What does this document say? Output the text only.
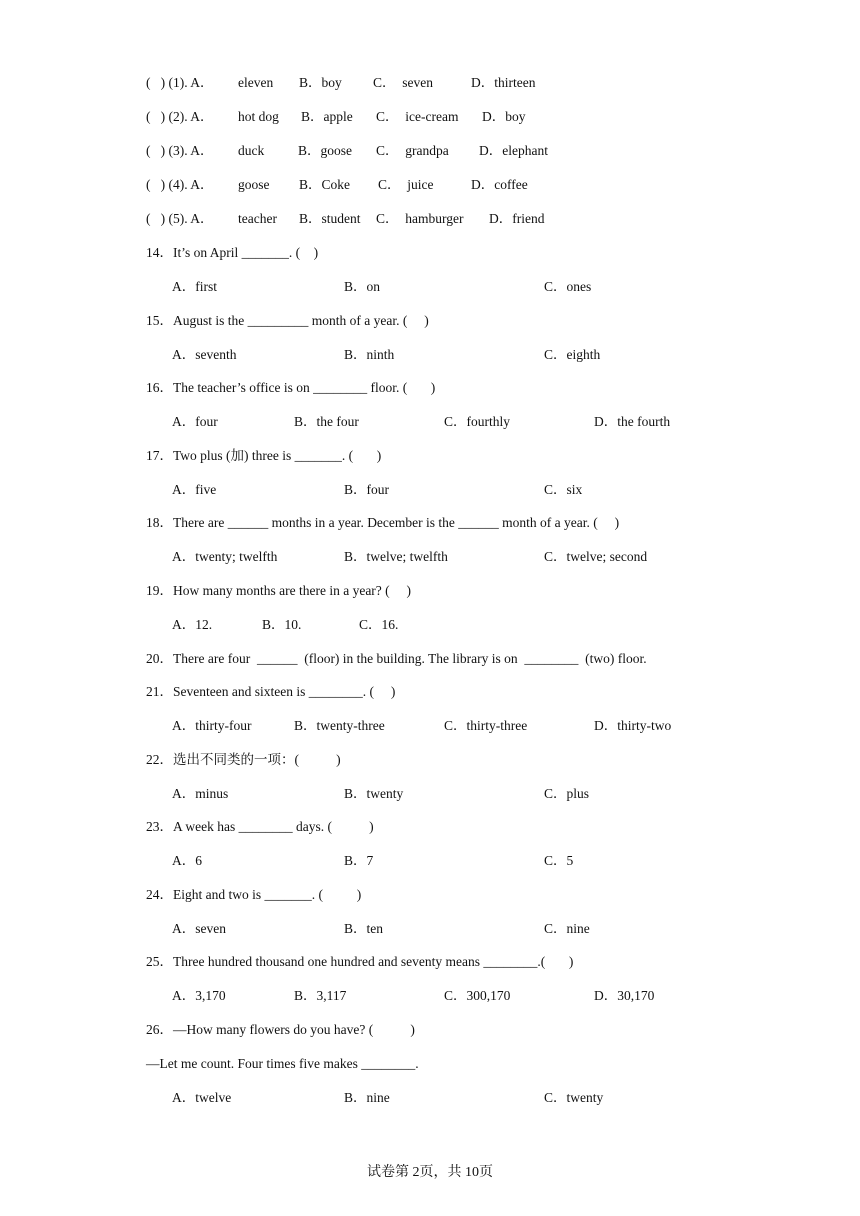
(   ) (1). A． eleven B．boy C．  seven	D．thirteen
(   ) (2). A． hot dog B．apple C．  ice-cream D．boy
(   ) (3). A． duck	B．goose C．  grandpa D．elephant
(   ) (4). A． goose B．Coke C．  juice	D．coffee
(   ) (5). A． teacher B．student C．  hamburger D．friend
14．It’s on April _______. (    )
A．first	B．on	C．ones
15．August is the _________ month of a year. (     )
A．seventh	B．ninth	C．eighth
16．The teacher’s office is on ________ floor. (       )
A．four	B．the four	C．fourthly	D．the fourth
17．Two plus (加) three is _______. (       )
A．five	B．four	C．six
18．There are ______ months in a year. December is the ______ month of a year. (     )
A．twenty; twelfth	B．twelve; twelfth	C．twelve; second
19．How many months are there in a year? (     )
A．12.	B．10.	C．16.
20．There are four  ______  (floor) in the building. The library is on  ________  (two) floor.
21．Seventeen and sixteen is ________. (     )
A．thirty-four	B．twenty-three	C．thirty-three	D．thirty-two
22．选出不同类的一项：(           )
A．minus	B．twenty	C．plus
23．A week has ________ days. (           )
A．6	B．7	C．5
24．Eight and two is _______. (          )
A．seven	B．ten	C．nine
25．Three hundred thousand one hundred and seventy means ________.(       )
A．3,170	B．3,117	C．300,170	D．30,170
26．—How many flowers do you have? (           )
—Let me count. Four times five makes ________.
A．twelve	B．nine	C．twenty
试卷第 2页，共 10页
